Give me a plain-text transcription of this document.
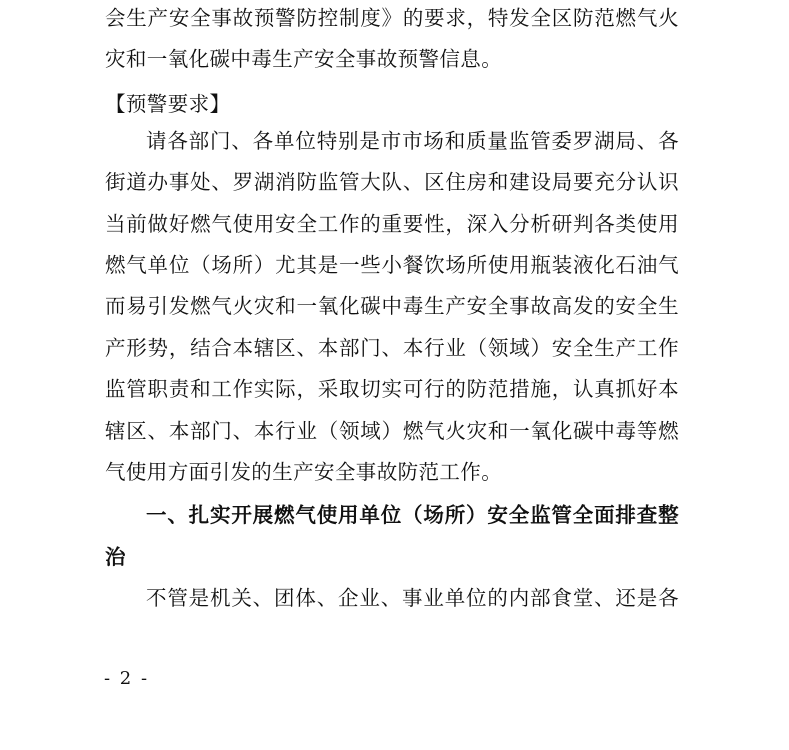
会生产安全事故预警防控制度》的要求，特发全区防范燃气火
灾和一氧化碳中毒生产安全事故预警信息。
【预警要求】
请各部门、各单位特别是市市场和质量监管委罗湖局、各
街道办事处、罗湖消防监管大队、区住房和建设局要充分认识
当前做好燃气使用安全工作的重要性，深入分析研判各类使用
燃气单位（场所）尤其是一些小餐饮场所使用瓶装液化石油气
而易引发燃气火灾和一氧化碳中毒生产安全事故高发的安全生
产形势，结合本辖区、本部门、本行业（领域）安全生产工作
监管职责和工作实际，采取切实可行的防范措施，认真抓好本
辖区、本部门、本行业（领域）燃气火灾和一氧化碳中毒等燃
气使用方面引发的生产安全事故防范工作。
一、扎实开展燃气使用单位（场所）安全监管全面排查整
治
不管是机关、团体、企业、事业单位的内部食堂、还是各
- 2 -
